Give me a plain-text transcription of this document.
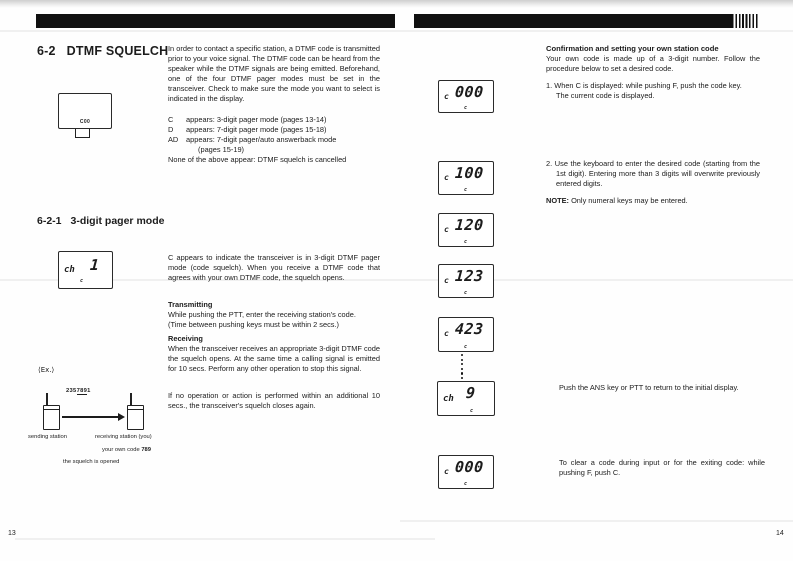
6-2 DTMF SQUELCH
C00
In order to contact a specific station, a DTMF code is transmitted prior to your voice signal. The DTMF code can be heard from the speaker while the DTMF signals are being emitted. Beforehand, one of the four DTMF pager modes must be set in the transceiver. Check to make sure the mode you want to select is indicated in the display.
C	appears: 3-digit pager mode (pages 13-14)
D	appears: 7-digit pager mode (pages 15-18)
AD	appears: 7-digit pager/auto answerback mode
(pages 15-19)
None of the above appear: DTMF squelch is cancelled
6-2-1 3-digit pager mode
ch 1
c
C appears to indicate the transceiver is in 3-digit DTMF pager mode (code squelch). When you receive a DTMF code that agrees with your own DTMF code, the squelch opens.
Transmitting
While pushing the PTT, enter the receiving station's code.
(Time between pushing keys must be within 2 secs.)
Receiving
When the transceiver receives an appropriate 3-digit DTMF code the squelch opens. At the same time a calling signal is emitted for 10 secs. Perform any other operation to stop this signal.
If no operation or action is performed within an additional 10 secs., the transceiver's squelch closes again.
⟨Ex.⟩
2357891
sending station	receiving station (you)
your own code 789
the squelch is opened
13
Confirmation and setting your own station code
Your own code is made up of a 3-digit number. Follow the procedure below to set a desired code.
1. When C is displayed: while pushing F, push the code key.
The current code is displayed.
2. Use the keyboard to enter the desired code (starting from the 1st digit). Entering more than 3 digits will overwrite previously entered digits.
NOTE: Only numeral keys may be entered.
c 000
c
c 100
c
c 120
c
c 123
c
c 423
c
ch 9
c
c 000
c
Push the ANS key or PTT to return to the initial display.
To clear a code during input or for the exiting code: while pushing F, push C.
14
